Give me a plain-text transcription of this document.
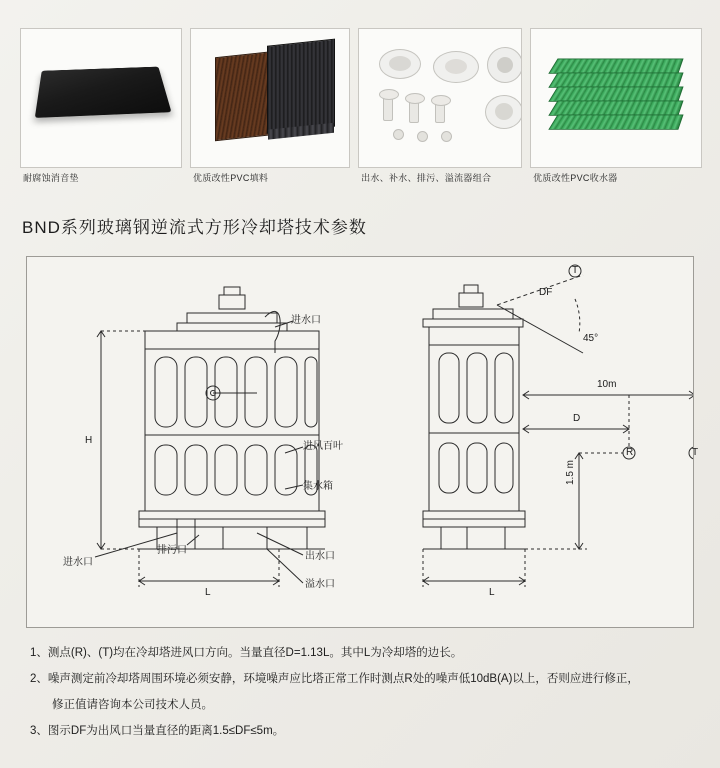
耐腐蚀消音垫	优质改性PVC填料	出水、补水、排污、溢流器组合	优质改性PVC收水器
BND系列玻璃钢逆流式方形冷却塔技术参数
进水口
进风百叶
集水箱
进水口
排污口
出水口
溢水口
H
L
DF
45°
T
10m
D
R	T
1.5 m
L
1、测点(R)、(T)均在冷却塔进风口方向。当量直径D=1.13L。其中L为冷却塔的边长。
2、噪声测定前冷却塔周围环境必须安静，环境噪声应比塔正常工作时测点R处的噪声低10dB(A)以上，否则应进行修正，
修正值请咨询本公司技术人员。
3、图示DF为出风口当量直径的距离1.5≤DF≤5m。
